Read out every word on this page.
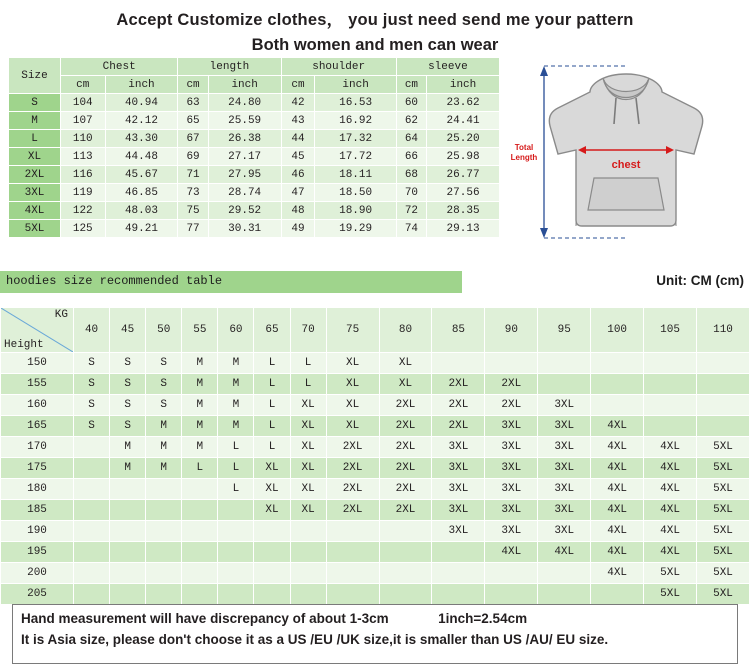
Accept Customize clothes， you just need send me your pattern
Both women and men can wear
Size	Chest		length		shoulder		sleeve	
	cm	inch	cm	inch	cm	inch	cm	inch
S	104	40.94	63	24.80	42	16.53	60	23.62
M	107	42.12	65	25.59	43	16.92	62	24.41
L	110	43.30	67	26.38	44	17.32	64	25.20
XL	113	44.48	69	27.17	45	17.72	66	25.98
2XL	116	45.67	71	27.95	46	18.11	68	26.77
3XL	119	46.85	73	28.74	47	18.50	70	27.56
4XL	122	48.03	75	29.52	48	18.90	72	28.35
5XL	125	49.21	77	30.31	49	19.29	74	29.13
chest
Total
Length
hoodies size recommended table	Unit: CM (cm)
KG
Height	40	45	50	55	60	65	70	75	80	85	90	95	100	105	110
150	S	S	S	M	M	L	L	XL	XL						
155	S	S	S	M	M	L	L	XL	XL	2XL	2XL				
160	S	S	S	M	M	L	XL	XL	2XL	2XL	2XL	3XL			
165	S	S	M	M	M	L	XL	XL	2XL	2XL	3XL	3XL	4XL		
170		M	M	M	L	L	XL	2XL	2XL	3XL	3XL	3XL	4XL	4XL	5XL
175		M	M	L	L	XL	XL	2XL	2XL	3XL	3XL	3XL	4XL	4XL	5XL
180					L	XL	XL	2XL	2XL	3XL	3XL	3XL	4XL	4XL	5XL
185						XL	XL	2XL	2XL	3XL	3XL	3XL	4XL	4XL	5XL
190										3XL	3XL	3XL	4XL	4XL	5XL
195											4XL	4XL	4XL	4XL	5XL
200													4XL	5XL	5XL
205														5XL	5XL
Hand measurement will have discrepancy of about 1-3cm	1inch=2.54cm
It is Asia size, please don't choose it as a US /EU /UK size,it is smaller than US /AU/ EU size.
